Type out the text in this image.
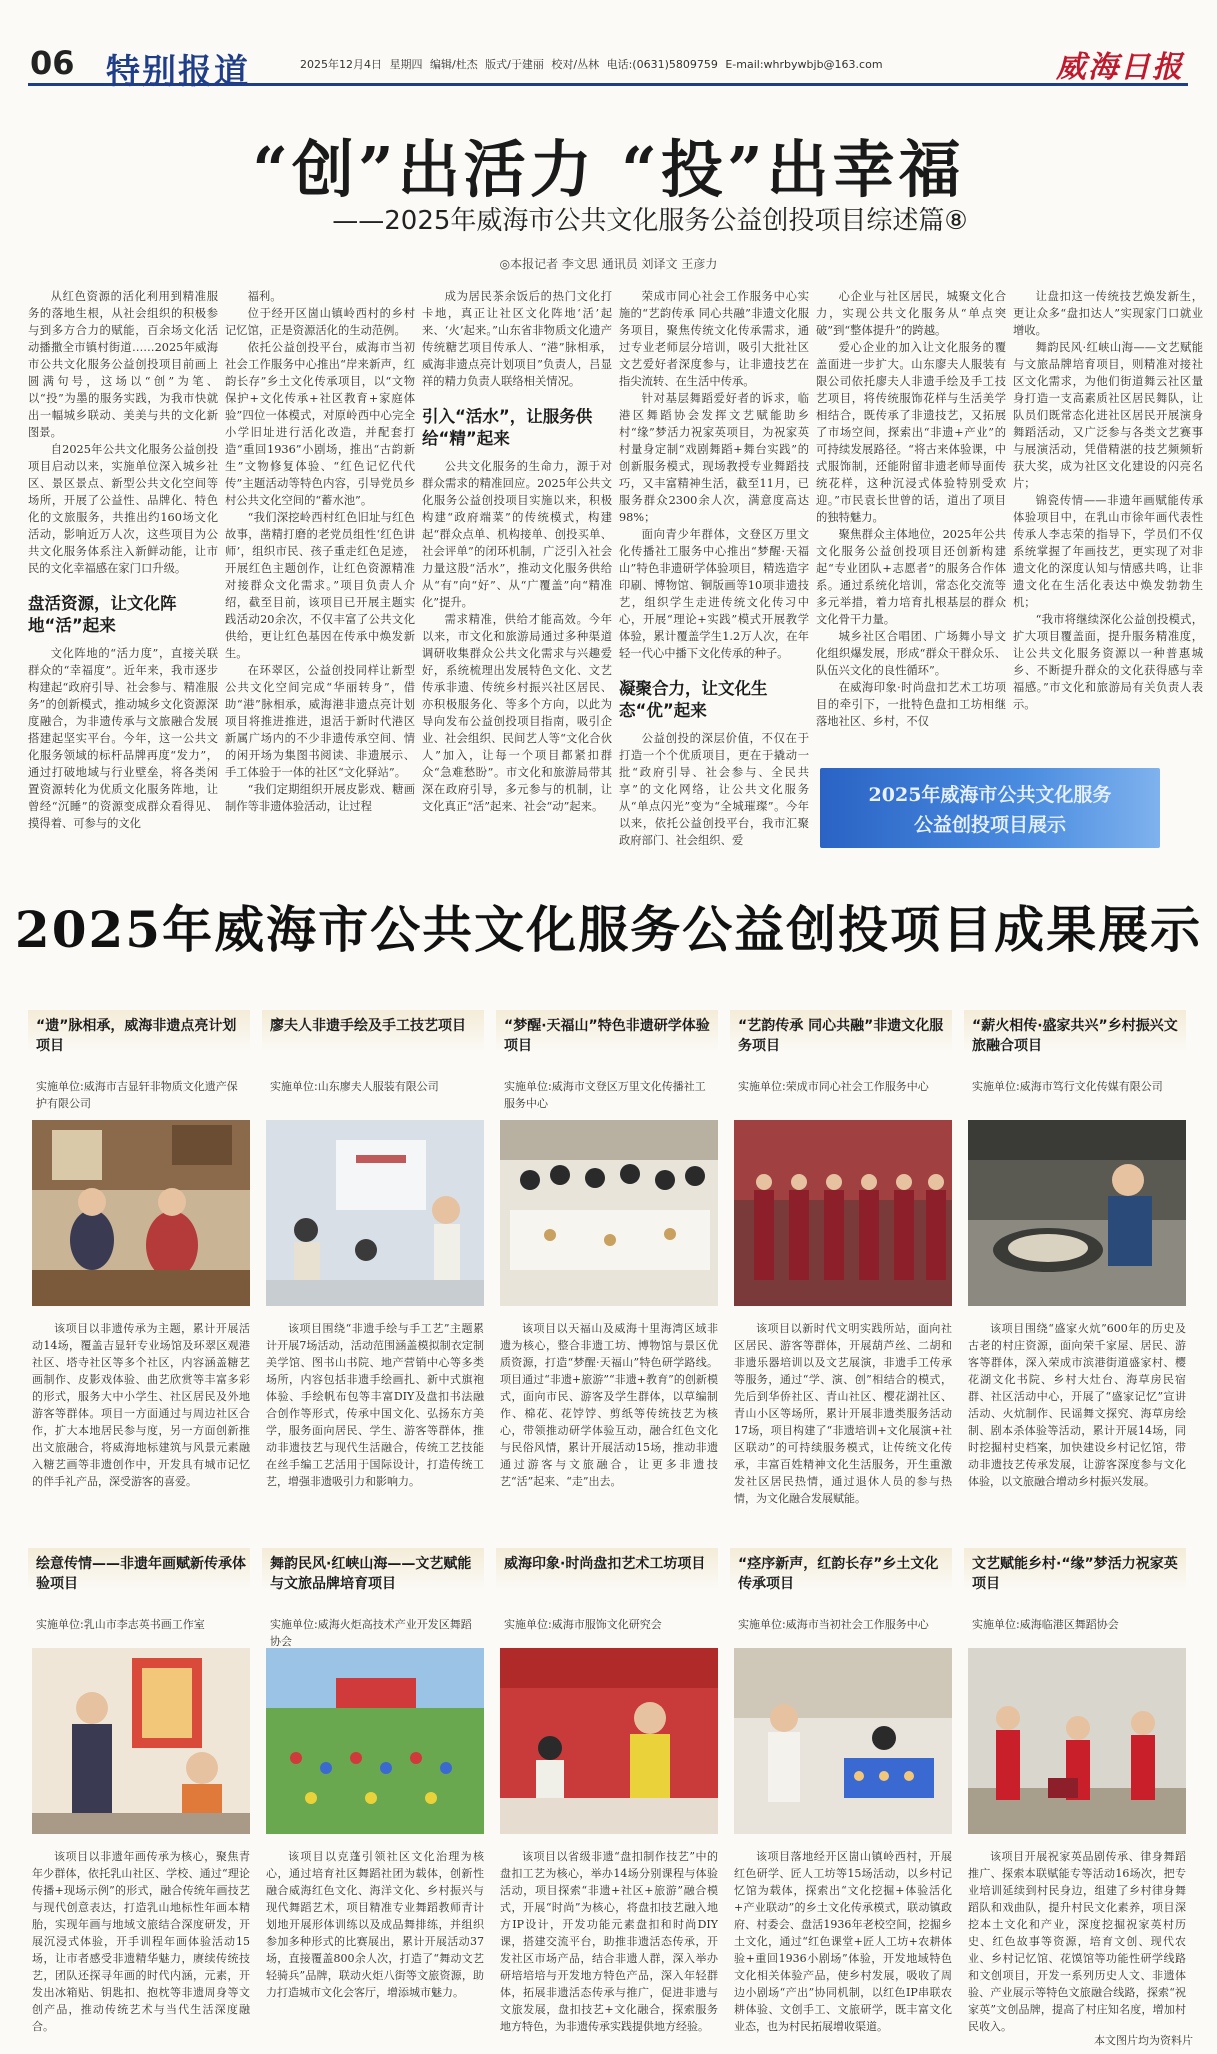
06 特别报道	2025年12月4日 星期四 编辑/杜杰 版式/于建丽 校对/丛林 电话:(0631)5809759 E-mail:whrbywbjb@163.com	威海日报
“创”出活力 “投”出幸福
——2025年威海市公共文化服务公益创投项目综述篇⑧
◎本报记者 李文思 通讯员 刘译文 王彦力

从红色资源的活化利用到精准服务的落地生根，从社会组织的积极参与到多方合力的赋能，百余场文化活动播撒全市镇村街道……2025年威海市公共文化服务公益创投项目前画上圆满句号，这场以“创”为笔、以“投”为墨的服务实践，为我市快就出一幅城乡联动、美美与共的文化新图景。

自2025年公共文化服务公益创投项目启动以来，实施单位深入城乡社区、景区景点、新型公共文化空间等场所，开展了公益性、品牌化、特色化的文旅服务，共推出约160场文化活动，影响近万人次，这些项目为公共文化服务体系注入新鲜动能，让市民的文化幸福感在家门口升级。

盘活资源，让文化阵地“活”起来

文化阵地的“活力度”，直接关联群众的“幸福度”。近年来，我市逐步构建起“政府引导、社会参与、精准服务”的创新模式，推动城乡文化资源深度融合，为非遗传承与文旅融合发展搭建起坚实平台。今年，这一公共文化服务领域的标杆品牌再度“发力”，通过打破地域与行业壁垒，将各类闲置资源转化为优质文化服务阵地，让曾经“沉睡”的资源变成群众看得见、摸得着、可参与的文化

福利。

位于经开区崮山镇岭西村的乡村记忆馆，正是资源活化的生动范例。

依托公益创投平台，威海市当初社会工作服务中心推出“岸来新声，红韵长存”乡土文化传承项目，以“文物保护+文化传承+社区教育+家庭体验”四位一体模式，对原岭西中心完全小学旧址进行活化改造，并配套打造“重回1936”小剧场，推出“古韵新生”文物修复体验、“红色记忆代代传”主题活动等特色内容，引导党员乡村公共文化空间的“蓄水池”。

“我们深挖岭西村红色旧址与红色故事，凿精打磨的老党员组性‘红色讲师’，组织市民、孩子重走红色足迹，开展红色主题创作，让红色资源精准对接群众文化需求。”项目负责人介绍，截至目前，该项目已开展主题实践活动20余次，不仅丰富了公共文化供给，更让红色基因在传承中焕发新生。

在环翠区，公益创投同样让新型公共文化空间完成“华丽转身”，借助“港”脉相承，威海港非遗点亮计划项目将推进推进，退活于新时代港区新属广场内的不少非遗传承空间、情的闲开场为集图书阅读、非遗展示、手工体验于一体的社区“文化驿站”。

“我们定期组织开展皮影戏、糖画制作等非遗体验活动，让过程

成为居民茶余饭后的热门文化打卡地，真正让社区文化阵地‘活’起来、‘火’起来。”山东省非物质文化遗产传统糖艺项目传承人、“港”脉相承，威海非遗点亮计划项目”负责人，吕显祥的精力负责人联络相关情况。

引入“活水”，让服务供给“精”起来

公共文化服务的生命力，源于对群众需求的精准回应。2025年公共文化服务公益创投项目实施以来，积极构建“政府端菜”的传统模式，构建起“群众点单、机构接单、创投买单、社会评单”的闭环机制，广泛引入社会力量这股“活水”，推动文化服务供给从“有”向“好”、从“广覆盖”向“精准化”提升。

需求精准，供给才能高效。今年以来，市文化和旅游局通过多种渠道调研收集群众公共文化需求与兴趣爱好，系统梳理出发展特色文化、文艺传承非遗、传统乡村振兴社区居民、亦积极服务化、等多个方向，以此为导向发布公益创投项目指南，吸引企业、社会组织、民间艺人等“文化合伙人”加入，让每一个项目都紧扣群众“急难愁盼”。市文化和旅游局带其深在政府引导，多元参与的机制，让文化真正“活”起来、社会“动”起来。

荣成市同心社会工作服务中心实施的“艺韵传承 同心共融”非遗文化服务项目，聚焦传统文化传承需求，通过专业老师层分培训，吸引大批社区文艺爱好者深度参与，让非遗技艺在指尖流转、在生活中传承。

针对基层舞蹈爱好者的诉求，临港区舞蹈协会发挥文艺赋能助乡村“缘”梦活力祝家英项目，为祝家英村量身定制“戏剧舞蹈+舞台实践”的创新服务模式，现场教授专业舞蹈技巧，又丰富精神生活，截至11月，已服务群众2300余人次，满意度高达98%；

面向青少年群体，文登区万里文化传播社工服务中心推出“梦醒·天福山”特色非遗研学体验项目，精选造字印刷、博物馆、铜版画等10项非遗技艺，组织学生走进传统文化传习中心，开展“理论+实践”模式开展教学体验，累计覆盖学生1.2万人次，在年轻一代心中播下文化传承的种子。

凝聚合力，让文化生态“优”起来

公益创投的深层价值，不仅在于打造一个个优质项目，更在于撬动一批“政府引导、社会参与、全民共享”的文化网络，让公共文化服务从“单点闪光”变为“全城璀璨”。今年以来，依托公益创投平台，我市汇聚政府部门、社会组织、爱

心企业与社区居民，城聚文化合力，实现公共文化服务从“单点突破”到“整体提升”的跨越。

爱心企业的加入让文化服务的覆盖面进一步扩大。山东廖夫人服装有限公司依托廖夫人非遗手绘及手工技艺项目，将传统服饰花样与生活美学相结合，既传承了非遗技艺，又拓展了市场空间，探索出“非遗+产业”的可持续发展路径。“将古来体验课，中式服饰制，还能附留非遗老师导面传统花样，这种沉浸式体验特别受欢迎。”市民袁长世曾的话，道出了项目的独特魅力。

聚焦群众主体地位，2025年公共文化服务公益创投项目还创新构建起“专业团队+志愿者”的服务合作体系。通过系统化培训，常态化交流等多元举措，着力培育扎根基层的群众文化骨干力量。

城乡社区合唱团、广场舞小导文化组织爆发展，形成“群众干群众乐、队伍兴文化的良性循环”。

在威海印象·时尚盘扣艺术工坊项目的牵引下，一批特色盘扣工坊相继落地社区、乡村，不仅

让盘扣这一传统技艺焕发新生，更让众多“盘扣达人”实现家门口就业增收。

舞韵民风·红峡山海——文艺赋能与文旅品牌培育项目，则精准对接社区文化需求，为他们街道舞云社区量身打造一支高素质社区居民舞队，让队员们既常态化进社区居民开展演身舞蹈活动，又广泛参与各类文艺赛事与展演活动，凭借精湛的技艺频频斩获大奖，成为社区文化建设的闪亮名片；

锦瓷传情——非遗年画赋能传承体验项目中，在乳山市徐年画代表性传承人李志荣的指导下，学员们不仅系统掌握了年画技艺，更实现了对非遗文化的深度认知与情感共鸣，让非遗文化在生活化表达中焕发勃勃生机；

“我市将继续深化公益创投模式，扩大项目覆盖面，提升服务精准度，让公共文化服务资源以一种普惠城乡、不断提升群众的文化获得感与幸福感。”市文化和旅游局有关负责人表示。

2025年威海市公共文化服务
公益创投项目展示
2025年威海市公共文化服务公益创投项目成果展示
“遗”脉相承，威海非遗点亮计划项目
实施单位:威海市吉显轩非物质文化遗产保护有限公司
该项目以非遗传承为主题，累计开展活动14场，覆盖吉显轩专业场馆及环翠区观港社区、塔寺社区等多个社区，内容涵盖糖艺画制作、皮影戏体验、曲艺欣赏等丰富多彩的形式，服务大中小学生、社区居民及外地游客等群体。项目一方面通过与周边社区合作，扩大本地居民参与度，另一方面创新推出文旅融合，将威海地标建筑与风景元素融入糖艺画等非遗创作中，开发具有城市记忆的伴手礼产品，深受游客的喜爱。
廖夫人非遗手绘及手工技艺项目
实施单位:山东廖夫人服装有限公司
该项目围绕“非遗手绘与手工艺”主题累计开展7场活动，活动范围涵盖模拟制衣定制美学馆、图书山书院、地产营销中心等多类场所，内容包括非遗手绘画扎、新中式旗袍体验、手绘帆布包等丰富DIY及盘扣书法融合创作等形式，传承中国文化、弘扬东方美学，服务面向居民、学生、游客等群体，推动非遗技艺与现代生活融合，传统工艺技能在丝手编工艺活用于国际设计，打造传统工艺，增强非遗吸引力和影响力。
“梦醒·天福山”特色非遗研学体验项目
实施单位:威海市文登区万里文化传播社工服务中心
该项目以天福山及威海十里海湾区域非遗为核心，整合非遗工坊、博物馆与景区优质资源，打造“梦醒·天福山”特色研学路线。项目通过“非遗+旅游”“非遗+教育”的创新模式，面向市民、游客及学生群体，以草编制作、棉花、花饽饽、剪纸等传统技艺为核心，带领推动研学体验互动，融合红色文化与民俗风情，累计开展活动15场，推动非遗通过游客与文旅融合，让更多非遗技艺“活”起来、“走”出去。
“艺韵传承 同心共融”非遗文化服务项目
实施单位:荣成市同心社会工作服务中心
该项目以新时代文明实践所站，面向社区居民、游客等群体，开展葫芦丝、二胡和非遗乐器培训以及文艺展演，非遗手工传承等服务，通过“学、演、创”相结合的模式，先后到华侨社区、青山社区、樱花湖社区、青山小区等场所，累计开展非遗类服务活动17场，项目构建了“非遗培训+文化展演+社区联动”的可持续服务模式，让传统文化传承，丰富百姓精神文化生活服务，开生重激发社区居民热情，通过退休人员的参与热情，为文化融合发展赋能。
“薪火相传·盛家共兴”乡村振兴文旅融合项目
实施单位:威海市笃行文化传媒有限公司
该项目围绕“盛家火炕”600年的历史及古老的村庄资源，面向荣千家屋、居民、游客等群体，深入荣成市滨港街道盛家村、樱花湖文化书院、乡村大灶台、海草房民宿群、社区活动中心，开展了“盛家记忆”宣讲活动、火炕制作、民谣舞文探究、海草房绘制、剧本杀体验等活动，累计开展14场，同时挖掘村史档案，加快建设乡村记忆馆，带动非遗技艺传承发展，让游客深度参与文化体验，以文旅融合增动乡村振兴发展。
绘意传情——非遗年画赋新传承体验项目
实施单位:乳山市李志英书画工作室
该项目以非遗年画传承为核心，聚焦青年少群体，依托乳山社区、学校、通过“理论传播+现场示例”的形式，融合传统年画技艺与现代创意表达，打造乳山地标性年画本精胎，实现年画与地域文旅结合深度研发，开展沉浸式体验，开手训程年画体验活动15场，让市者感受非遗精华魅力，赓续传统技艺，团队还探寻年画的时代内涵，元素，开发出冰箱贴、钥匙扣、抱枕等非遗周身等文创产品，推动传统艺术与当代生活深度融合。
舞韵民风·红峡山海——文艺赋能与文旅品牌培育项目
实施单位:威海火炬高技术产业开发区舞蹈协会
该项目以克蓬引领社区文化治理为核心，通过培育社区舞蹈社团为载体，创新性融合威海红色文化、海洋文化、乡村振兴与现代舞蹈艺术，项目精准专业舞蹈教师青计划地开展形体训练以及成品舞排练，并组织参加多种形式的比赛展出，累计开展活动37场，直接覆盖800余人次，打造了“舞动文艺轻骑兵”品牌，联动火炬八街等文旅资源，助力打造城市文化会客厅，增添城市魅力。
威海印象·时尚盘扣艺术工坊项目
实施单位:威海市服饰文化研究会
该项目以省级非遗“盘扣制作技艺”中的盘扣工艺为核心，举办14场分别课程与体验活动，项目探索“非遗+社区+旅游”融合模式，开展“时尚”为核心，将盘扣技艺融入地方IP设计，开发功能元素盘扣和时尚DIY课，搭建交流平台，助推非遗活态传承，开发社区市场产品，结合非遗人群，深入举办研培培培与开发地方特色产品，深入年轻群体，拓展非遗活态传承与推广，促进非遗与文旅发展，盘扣技艺+文化融合，探索服务地方特色，为非遗传承实践提供地方经验。
“痉序新声，红韵长存”乡土文化传承项目
实施单位:威海市当初社会工作服务中心
该项目落地经开区崮山镇岭西村，开展红色研学、匠人工坊等15场活动，以乡村记忆馆为载体，探索出“文化挖掘+体验活化+产业联动”的乡土文化传承模式，联动镇政府、村委会、盘活1936年老校空间，挖掘乡土文化，通过“红色课堂+匠人工坊+农耕体验+重回1936小剧场”体验，开发地域特色文化相关体验产品，使乡村发展，吸收了周边小剧场“产出”协同机制，以红色IP串联农耕体验、文创手工、文旅研学，既丰富文化业态，也为村民拓展增收渠道。
文艺赋能乡村·“缘”梦活力祝家英项目
实施单位:威海临港区舞蹈协会
该项目开展祝家英品剧传承、律身舞蹈推广、探索本联赋能专等活动16场次，把专业培训延续到村民身边，组建了乡村律身舞蹈队和戏曲队，提升村民文化素养，项目深挖本土文化和产业，深度挖掘祝家英村历史、红色故事等资源，培育文创、现代农业、乡村记忆馆、花馍馆等功能性研学线路和文创项目，开发一系列历史人文、非遗体验、产业展示等特色文旅融合线路，探索“祝家英”文创品牌，提高了村庄知名度，增加村民收入。
本文图片均为资料片
